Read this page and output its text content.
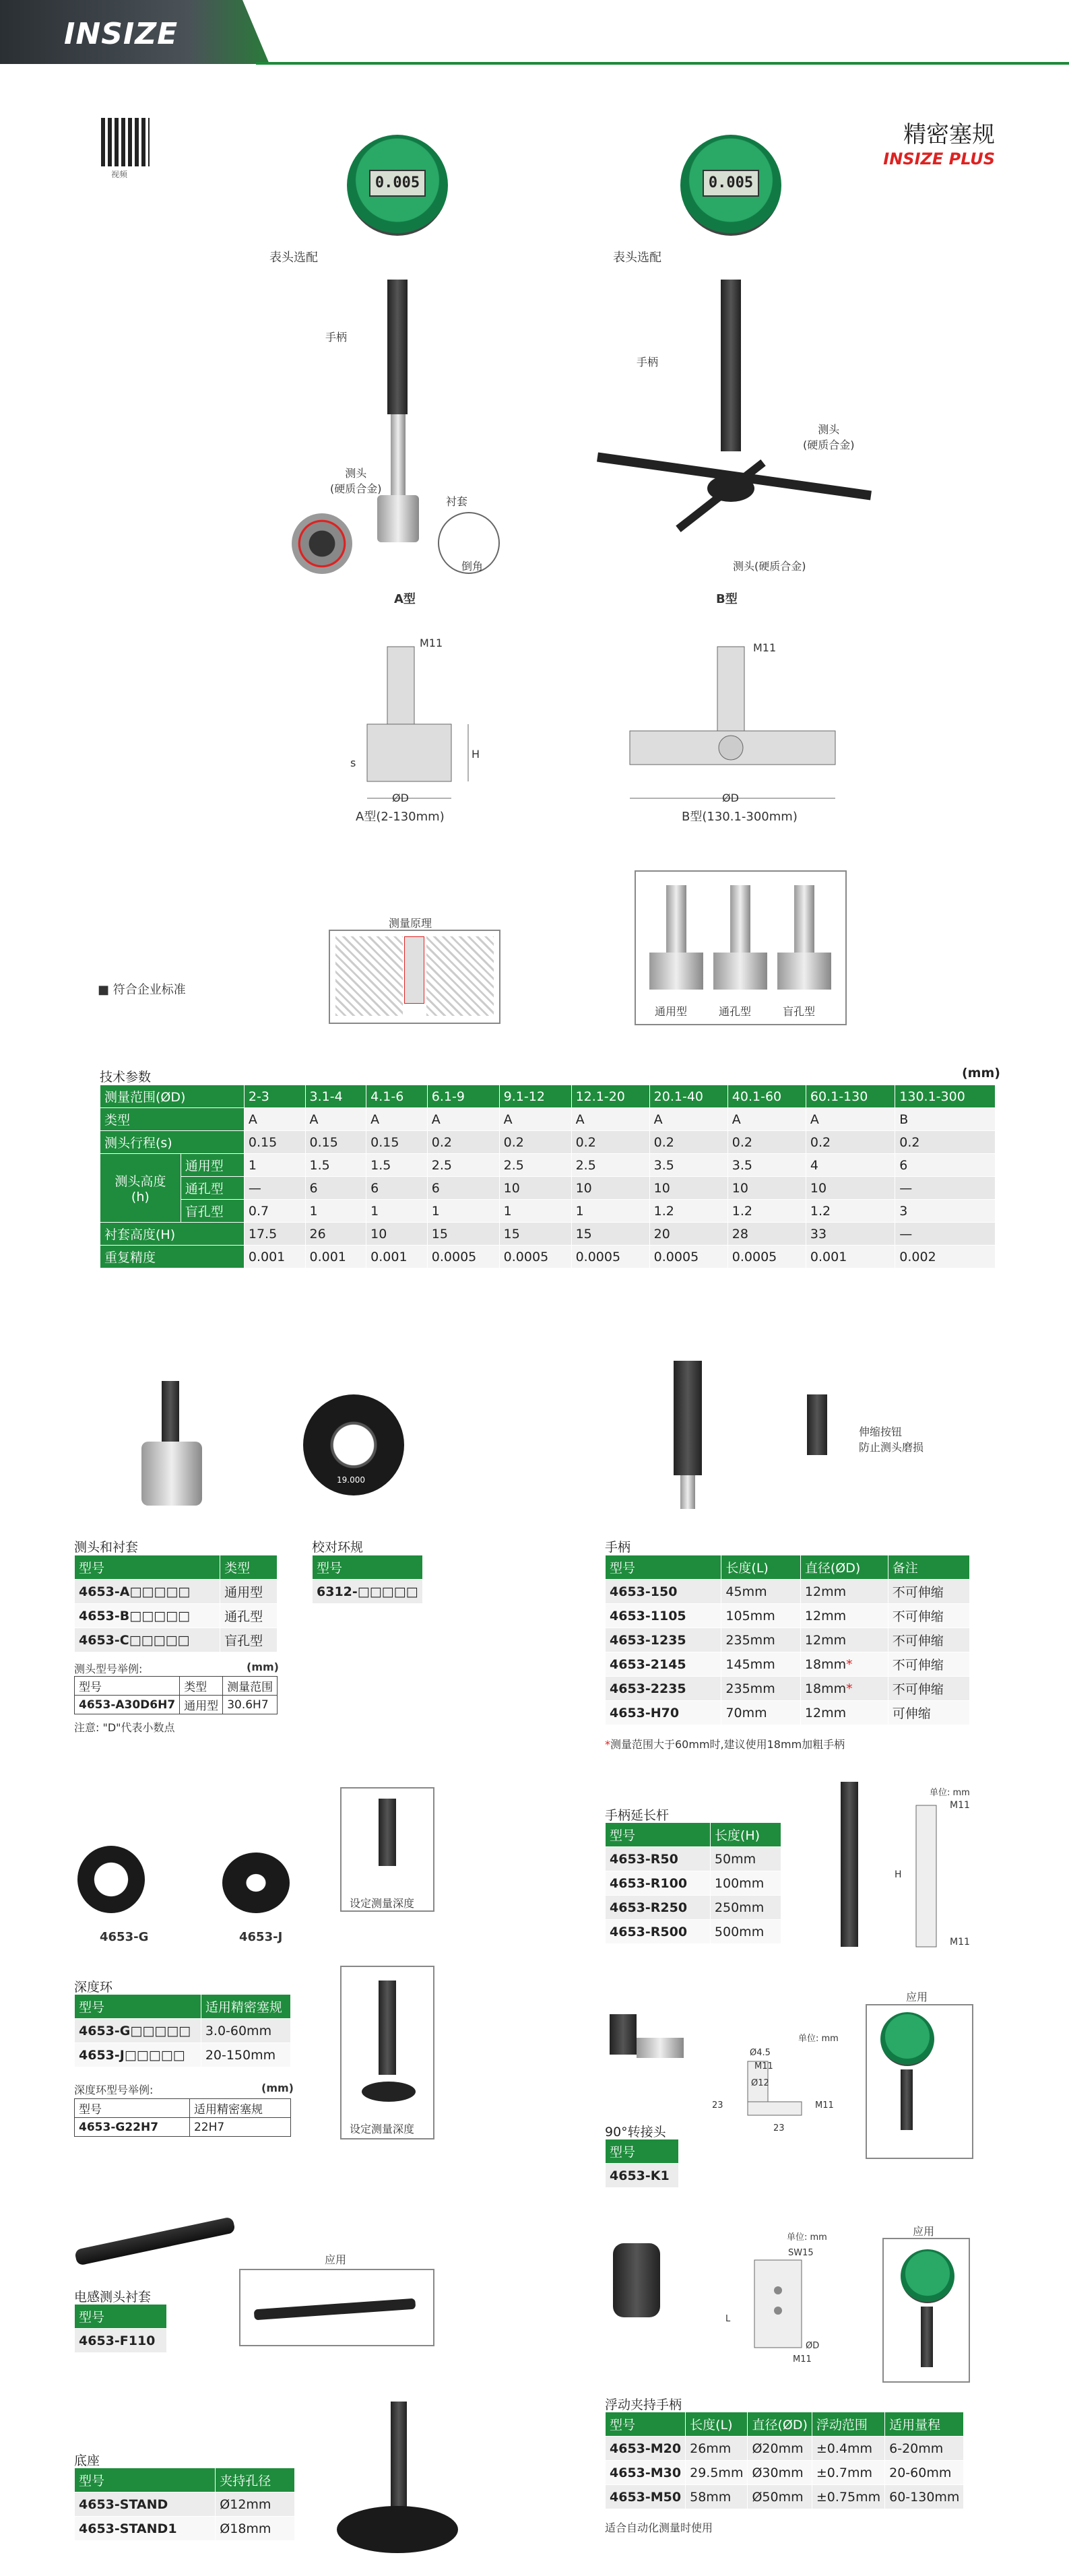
INSIZE
精密塞规
INSIZE PLUS
视频	0.005
表头选配
手柄
测头
(硬质合金)
衬套
倒角
A型
0.005
表头选配
手柄
测头
(硬质合金)
测头(硬质合金)
B型
M11
ØD
H
s
A型(2-130mm)
M11
ØD
B型(130.1-300mm)
测量原理
■ 符合企业标准
通用型	通孔型	盲孔型
技术参数	(mm)
测量范围(ØD)		2-3	3.1-4	4.1-6	6.1-9	9.1-12	12.1-20	20.1-40	40.1-60	60.1-130	130.1-300
类型		A	A	A	A	A	A	A	A	A	B
测头行程(s)		0.15	0.15	0.15	0.2	0.2	0.2	0.2	0.2	0.2	0.2
测头高度
(h)	通用型	1	1.5	1.5	2.5	2.5	2.5	3.5	3.5	4	6
	通孔型	—	6	6	6	10	10	10	10	10	—
	盲孔型	0.7	1	1	1	1	1	1.2	1.2	1.2	3
衬套高度(H)		17.5	26	10	15	15	15	20	28	33	—
重复精度		0.001	0.001	0.001	0.0005	0.0005	0.0005	0.0005	0.0005	0.001	0.002
19.000
测头和衬套
型号	类型
4653-A□□□□□	通用型
4653-B□□□□□	通孔型
4653-C□□□□□	盲孔型
测头型号举例:	(mm)
型号	类型	测量范围
4653-A30D6H7	通用型	30.6H7
注意: "D"代表小数点
校对环规
型号
6312-□□□□□
伸缩按钮
防止测头磨损
手柄
型号	长度(L)	直径(ØD)	备注
4653-150	45mm	12mm	不可伸缩
4653-1105	105mm	12mm	不可伸缩
4653-1235	235mm	12mm	不可伸缩
4653-2145	145mm	18mm*	不可伸缩
4653-2235	235mm	18mm*	不可伸缩
4653-H70	70mm	12mm	可伸缩
*测量范围大于60mm时,建议使用18mm加粗手柄
4653-G	4653-J
设定测量深度
设定测量深度
深度环
型号	适用精密塞规
4653-G□□□□□	3.0-60mm
4653-J□□□□□	20-150mm
深度环型号举例:	(mm)
型号	适用精密塞规
4653-G22H7	22H7
手柄延长杆
型号	长度(H)
4653-R50	50mm
4653-R100	100mm
4653-R250	250mm
4653-R500	500mm
单位: mm
M11
M11
H
单位: mm
Ø4.5
M11
Ø12
23
23
M11
应用
90°转接头
型号
4653-K1
电感测头衬套
型号
4653-F110
应用
单位: mm
SW15
L
ØD
M11
应用
浮动夹持手柄
型号	长度(L)	直径(ØD)	浮动范围	适用量程
4653-M20	26mm	Ø20mm	±0.4mm	6-20mm
4653-M30	29.5mm	Ø30mm	±0.7mm	20-60mm
4653-M50	58mm	Ø50mm	±0.75mm	60-130mm
适合自动化测量时使用
底座
型号	夹持孔径
4653-STAND	Ø12mm
4653-STAND1	Ø18mm
